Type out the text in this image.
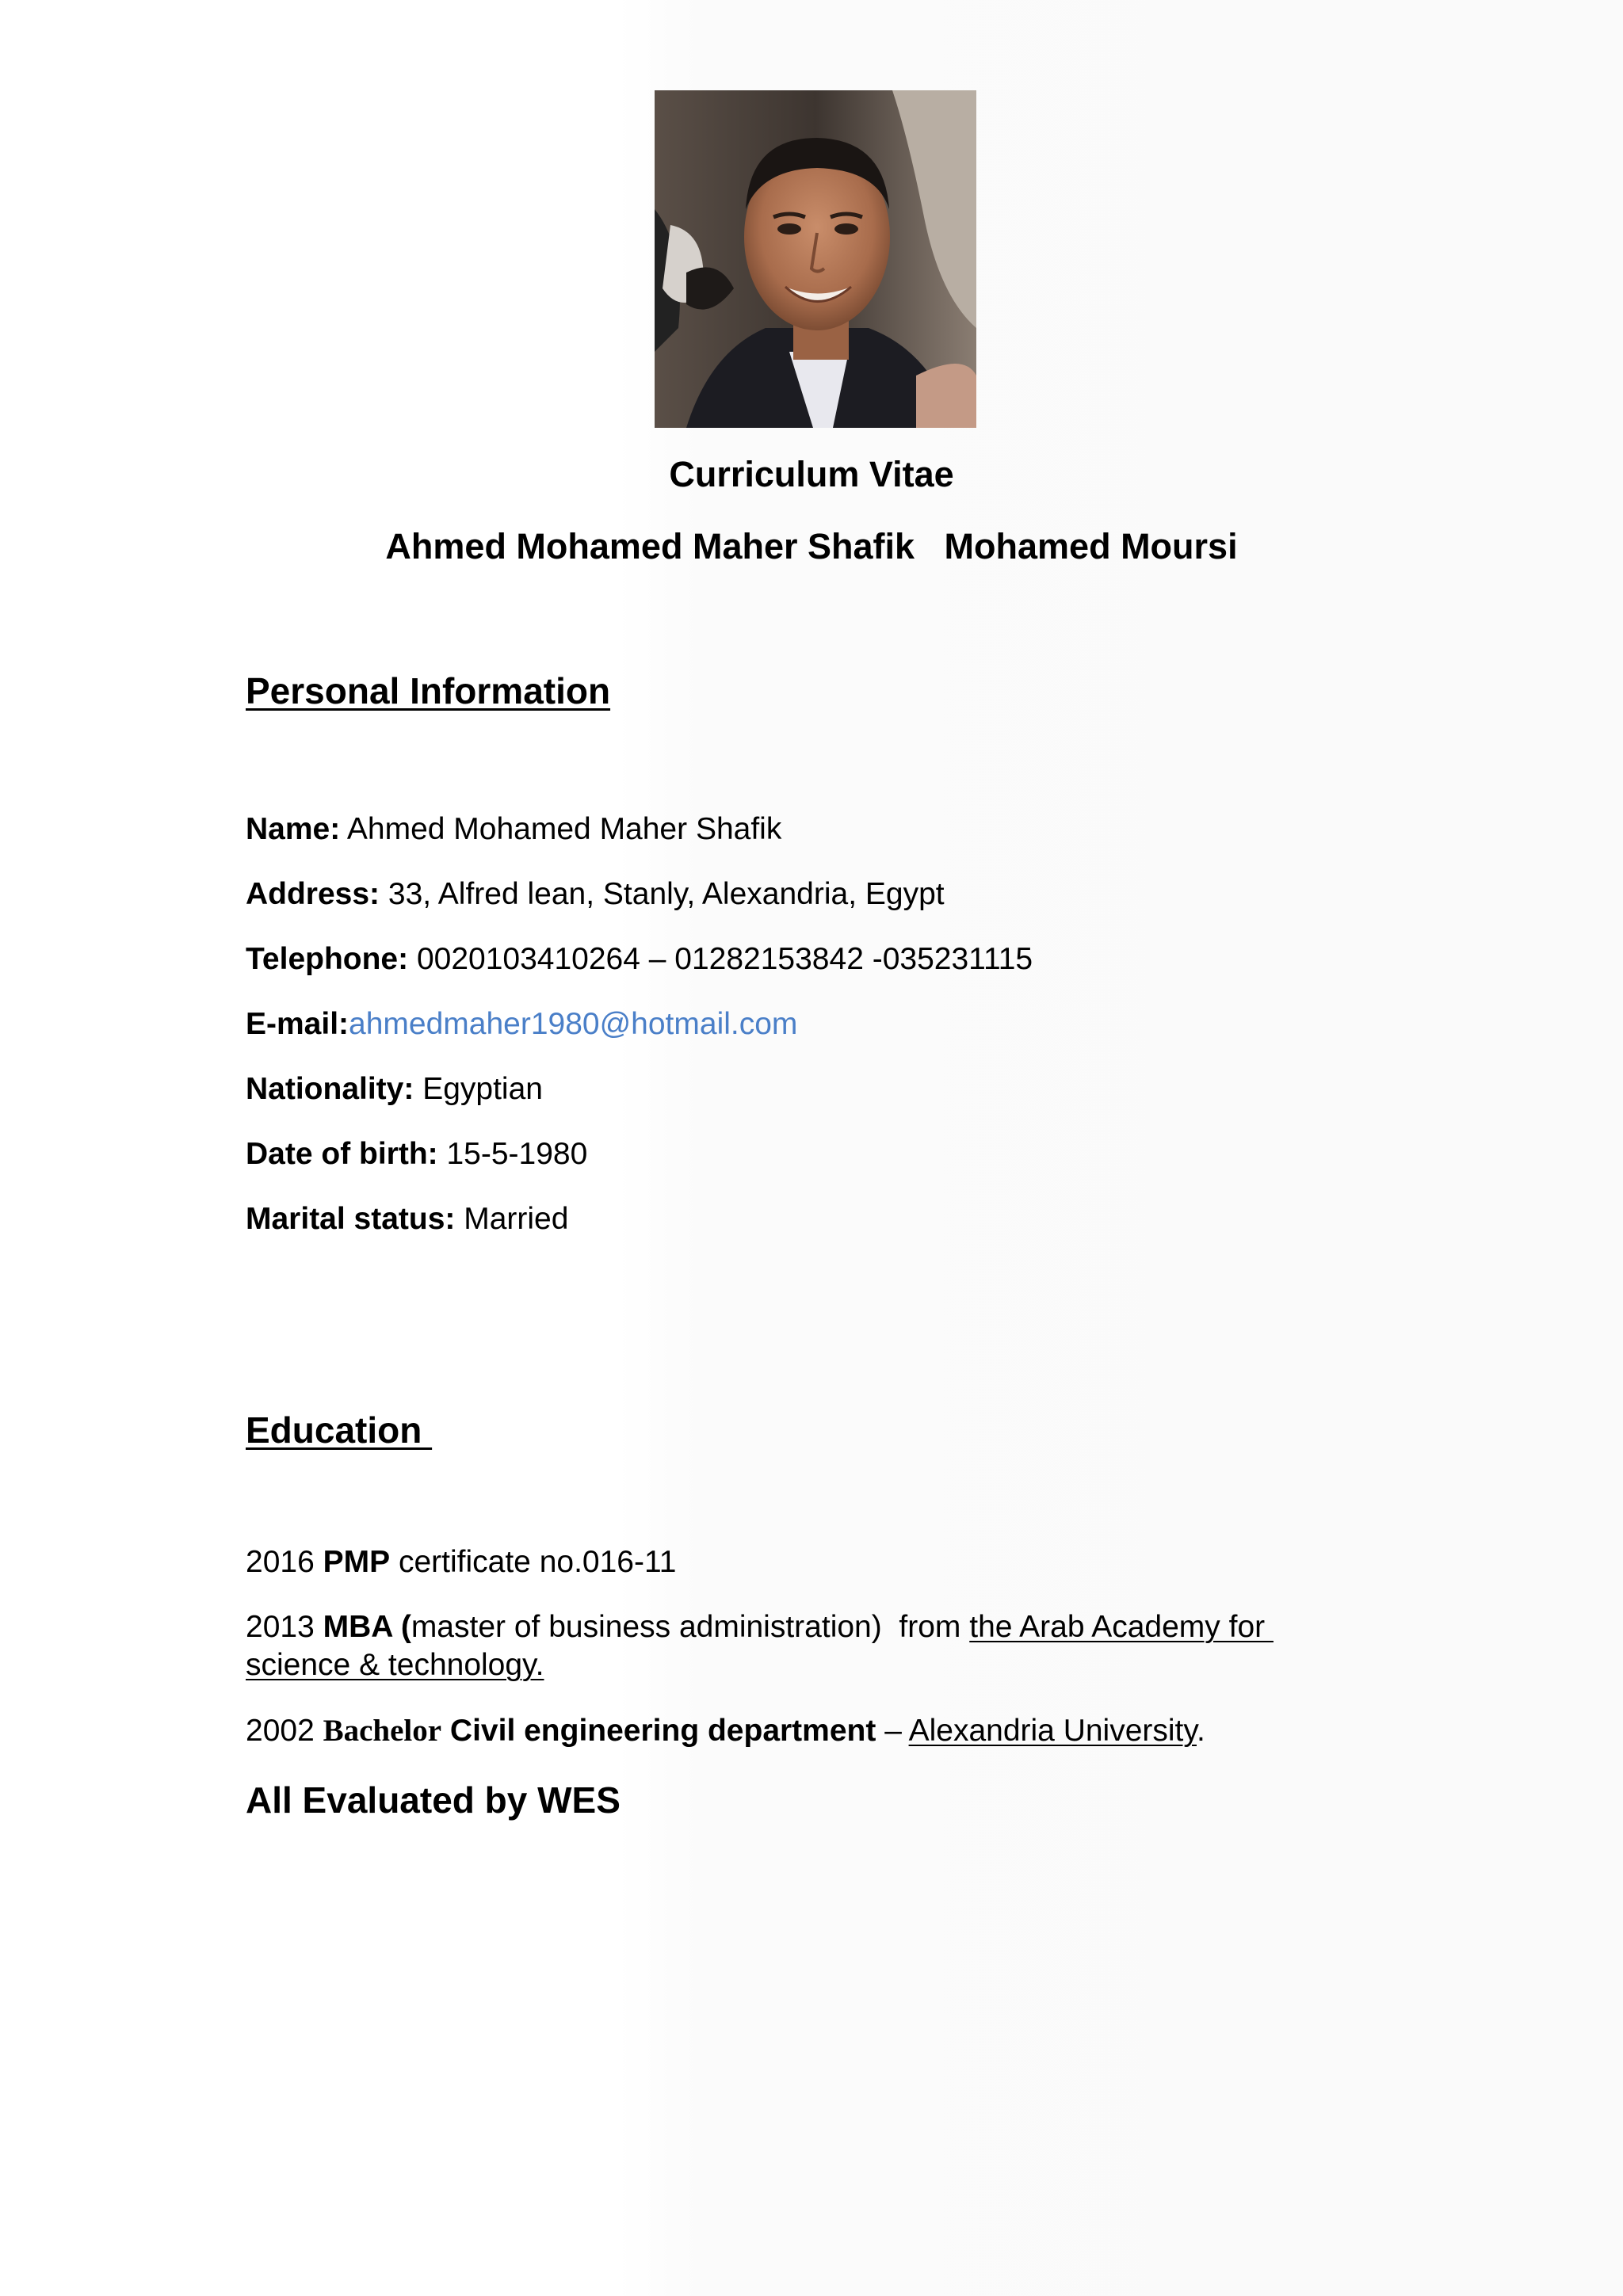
Curriculum Vitae
Ahmed Mohamed Maher Shafik   Mohamed Moursi
Personal Information
Name: Ahmed Mohamed Maher Shafik
Address: 33, Alfred lean, Stanly, Alexandria, Egypt
Telephone: 0020103410264 – 01282153842 -035231115
E-mail:ahmedmaher1980@hotmail.com
Nationality: Egyptian
Date of birth: 15-5-1980
Marital status: Married
Education
2016 PMP certificate no.016-11
2013 MBA (master of business administration)  from the Arab Academy for
science & technology.
2002 Bachelor Civil engineering department – Alexandria University.
All Evaluated by WES
